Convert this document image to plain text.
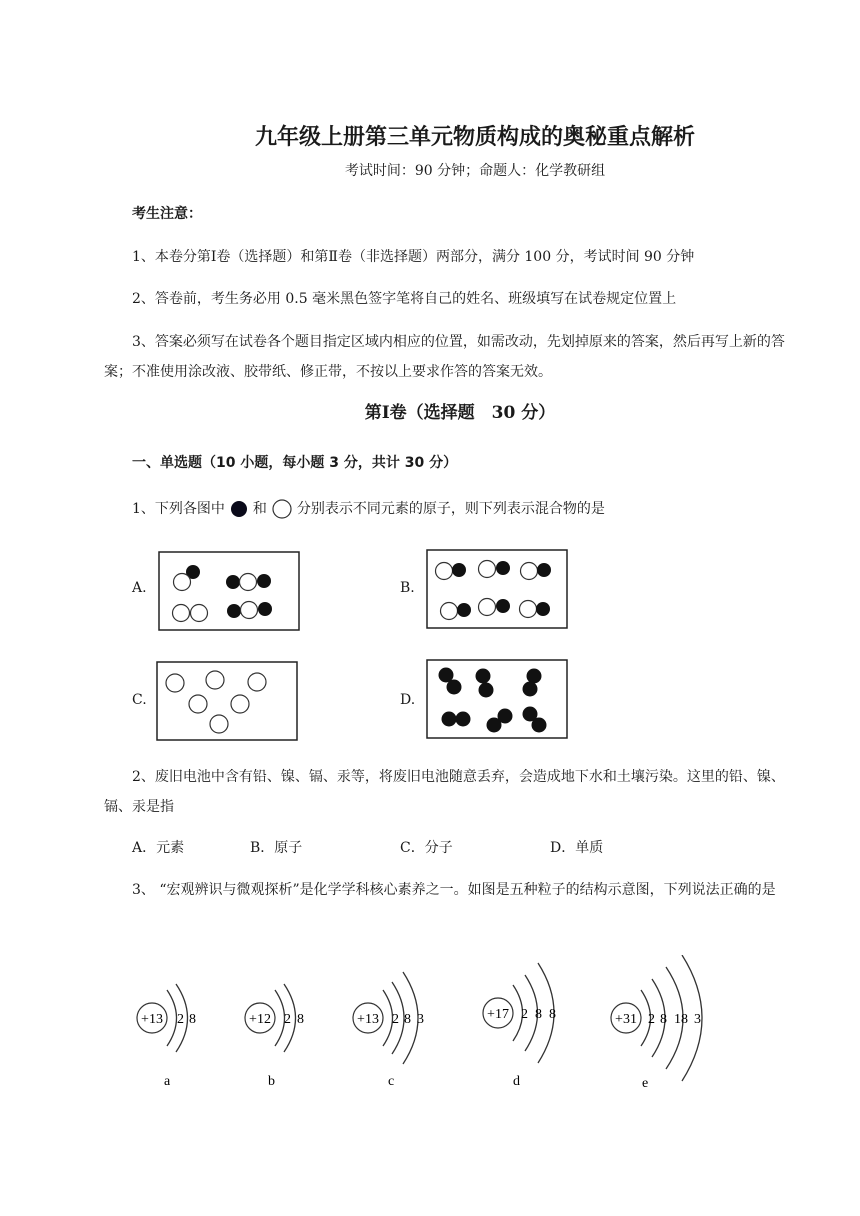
九年级上册第三单元物质构成的奥秘重点解析
考试时间：90 分钟；命题人：化学教研组
考生注意：
1、本卷分第Ⅰ卷（选择题）和第Ⅱ卷（非选择题）两部分，满分 100 分，考试时间 90 分钟
2、答卷前，考生务必用 0.5 毫米黑色签字笔将自己的姓名、班级填写在试卷规定位置上
3、答案必须写在试卷各个题目指定区域内相应的位置，如需改动，先划掉原来的答案，然后再写上新的答案；不准使用涂改液、胶带纸、修正带，不按以上要求作答的答案无效。
第Ⅰ卷（选择题　30 分）
一、单选题（10 小题，每小题 3 分，共计 30 分）
1、下列各图中 和 分别表示不同元素的原子，则下列表示混合物的是
A.	B.
C.	D.
2、废旧电池中含有铅、镍、镉、汞等，将废旧电池随意丢弃，会造成地下水和土壤污染。这里的铅、镍、镉、汞是指
A．元素	B．原子	C．分子	D．单质
3、 “宏观辨识与微观探析”是化学学科核心素养之一。如图是五种粒子的结构示意图，下列说法正确的是
+13 2 8
a
+12 2 8
b
+13 2 8 3
c
+17 2 8 8
d
+31 2 8 18 3
e
